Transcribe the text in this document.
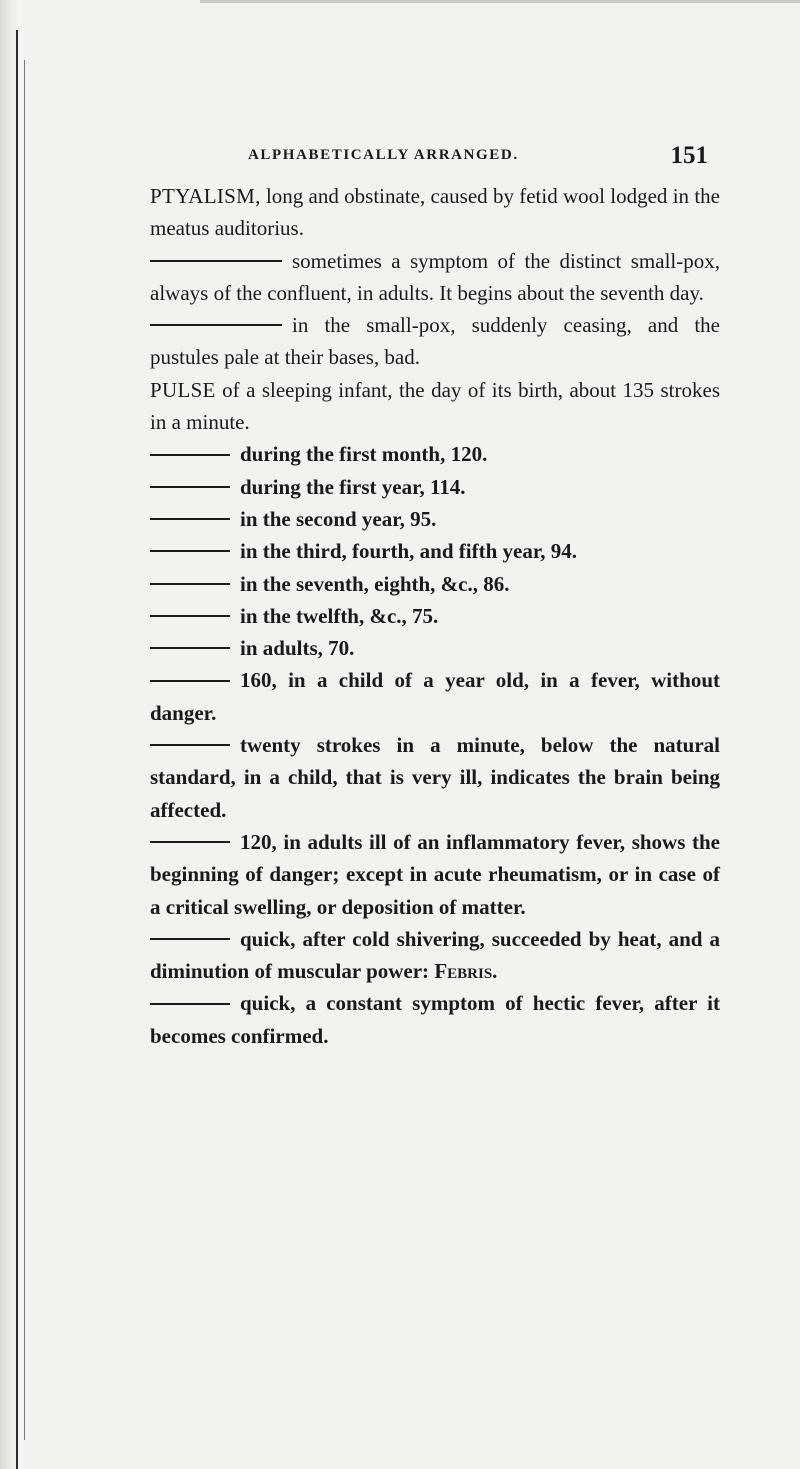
ALPHABETICALLY ARRANGED.	151

PTYALISM, long and obstinate, caused by fetid wool lodged in the meatus auditorius.

sometimes a symptom of the distinct small-pox, always of the confluent, in adults. It begins about the seventh day.

in the small-pox, suddenly ceasing, and the pustules pale at their bases, bad.

PULSE of a sleeping infant, the day of its birth, about 135 strokes in a minute.

during the first month, 120.

during the first year, 114.

in the second year, 95.

in the third, fourth, and fifth year, 94.

in the seventh, eighth, &c., 86.

in the twelfth, &c., 75.

in adults, 70.

160, in a child of a year old, in a fever, without danger.

twenty strokes in a minute, below the natural standard, in a child, that is very ill, indicates the brain being affected.

120, in adults ill of an inflammatory fever, shows the beginning of danger; except in acute rheumatism, or in case of a critical swelling, or deposition of matter.

quick, after cold shivering, succeeded by heat, and a diminution of muscular power: Febris.

quick, a constant symptom of hectic fever, after it becomes confirmed.
